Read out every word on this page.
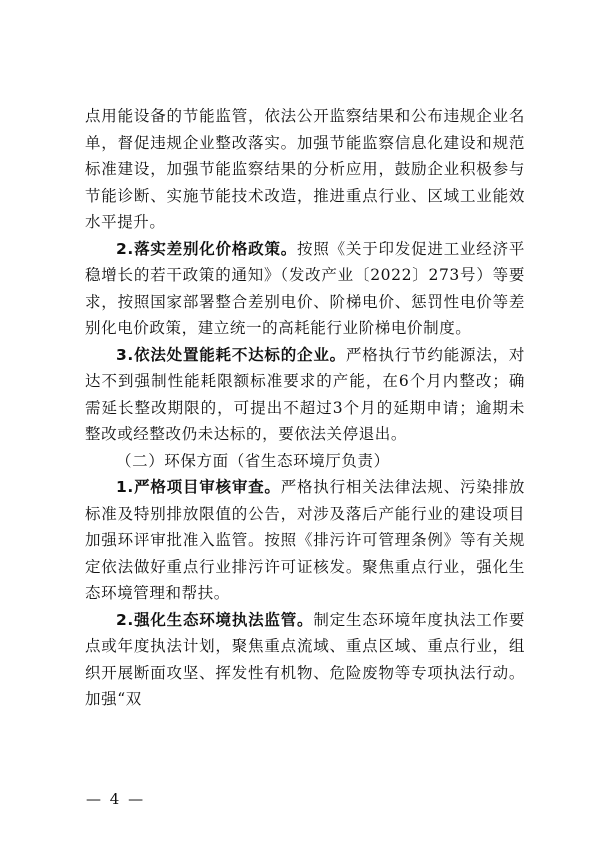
点用能设备的节能监管，依法公开监察结果和公布违规企业名单，督促违规企业整改落实。加强节能监察信息化建设和规范标准建设，加强节能监察结果的分析应用，鼓励企业积极参与节能诊断、实施节能技术改造，推进重点行业、区域工业能效水平提升。

2.落实差别化价格政策。按照《关于印发促进工业经济平稳增长的若干政策的通知》（发改产业〔2022〕273号）等要求，按照国家部署整合差别电价、阶梯电价、惩罚性电价等差别化电价政策，建立统一的高耗能行业阶梯电价制度。

3.依法处置能耗不达标的企业。严格执行节约能源法，对达不到强制性能耗限额标准要求的产能，在6个月内整改；确需延长整改期限的，可提出不超过3个月的延期申请；逾期未整改或经整改仍未达标的，要依法关停退出。

（二）环保方面（省生态环境厅负责）

1.严格项目审核审查。严格执行相关法律法规、污染排放标准及特别排放限值的公告，对涉及落后产能行业的建设项目加强环评审批准入监管。按照《排污许可管理条例》等有关规定依法做好重点行业排污许可证核发。聚焦重点行业，强化生态环境管理和帮扶。

2.强化生态环境执法监管。制定生态环境年度执法工作要点或年度执法计划，聚焦重点流域、重点区域、重点行业，组织开展断面攻坚、挥发性有机物、危险废物等专项执法行动。加强“双

— 4 —
